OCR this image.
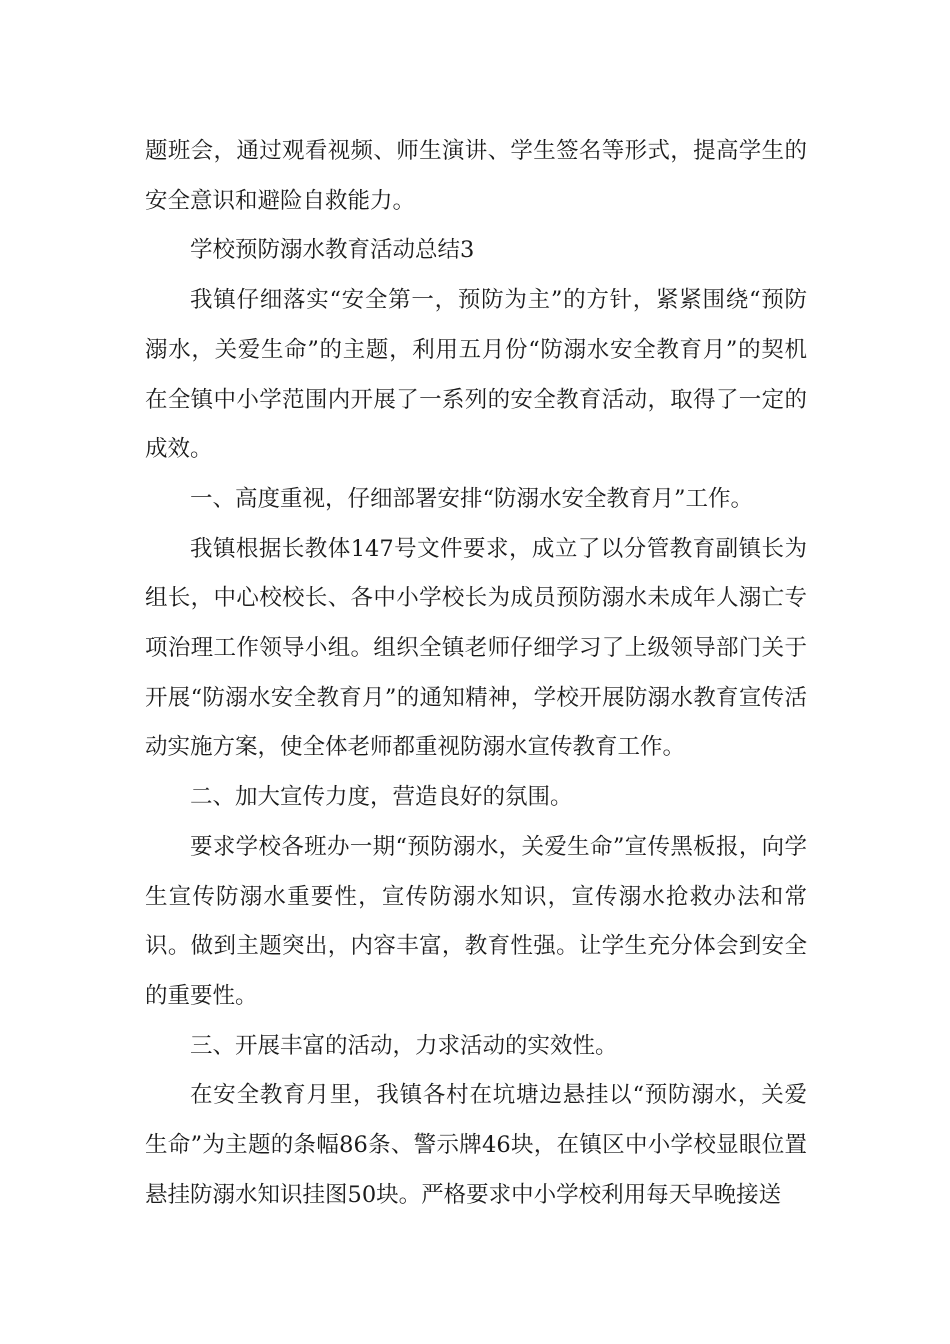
题班会，通过观看视频、师生演讲、学生签名等形式，提高学生的安全意识和避险自救能力。

学校预防溺水教育活动总结3

我镇仔细落实“安全第一，预防为主”的方针，紧紧围绕“预防溺水，关爱生命”的主题，利用五月份“防溺水安全教育月”的契机在全镇中小学范围内开展了一系列的安全教育活动，取得了一定的成效。

一、高度重视，仔细部署安排“防溺水安全教育月”工作。

我镇根据长教体147号文件要求，成立了以分管教育副镇长为组长，中心校校长、各中小学校长为成员预防溺水未成年人溺亡专项治理工作领导小组。组织全镇老师仔细学习了上级领导部门关于开展“防溺水安全教育月”的通知精神，学校开展防溺水教育宣传活动实施方案，使全体老师都重视防溺水宣传教育工作。

二、加大宣传力度，营造良好的氛围。

要求学校各班办一期“预防溺水，关爱生命”宣传黑板报，向学生宣传防溺水重要性，宣传防溺水知识，宣传溺水抢救办法和常识。做到主题突出，内容丰富，教育性强。让学生充分体会到安全的重要性。

三、开展丰富的活动，力求活动的实效性。

在安全教育月里，我镇各村在坑塘边悬挂以“预防溺水，关爱生命”为主题的条幅86条、警示牌46块，在镇区中小学校显眼位置悬挂防溺水知识挂图50块。严格要求中小学校利用每天早晚接送
